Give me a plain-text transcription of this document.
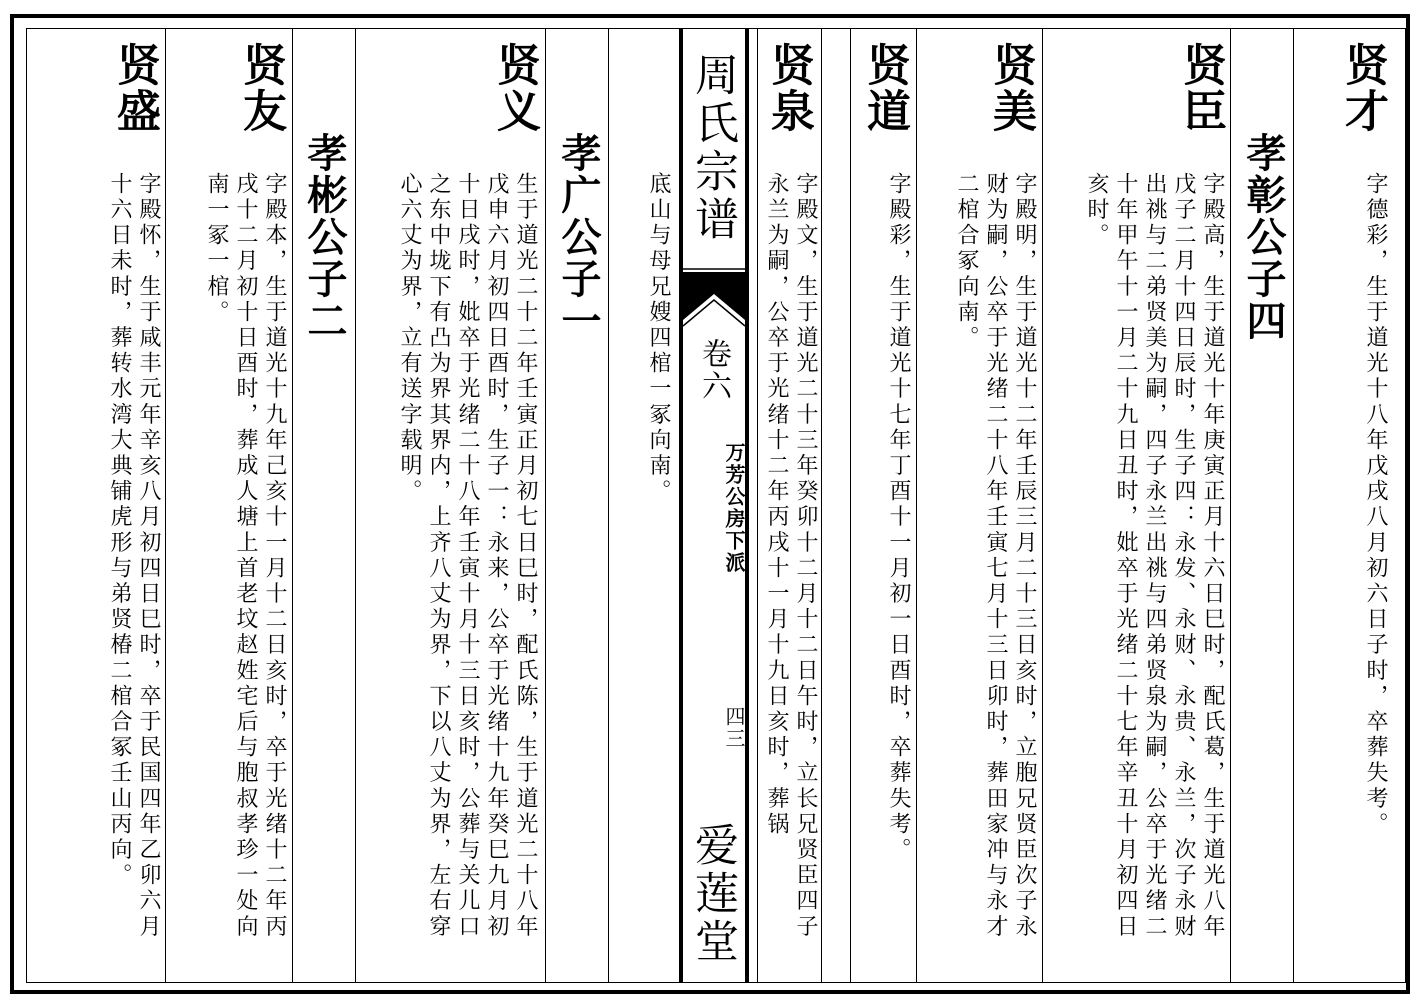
贤才
字德彩，生于道光十八年戊戌八月初六日子时，卒葬失考。
孝彰公子四
贤臣
字殿高，生于道光十年庚寅正月十六日巳时，配氏葛，生于道光八年戊子二月十四日辰时，生子四：永发、永财、永贵、永兰，次子永财出祧与二弟贤美为嗣，四子永兰出祧与四弟贤泉为嗣，公卒于光绪二十年甲午十一月二十九日丑时，妣卒于光绪二十七年辛丑十月初四日亥时。
贤美
字殿明，生于道光十二年壬辰三月二十三日亥时，立胞兄贤臣次子永财为嗣，公卒于光绪二十八年壬寅七月十三日卯时，葬田家冲与永才二棺合冢向南。
贤道
字殿彩，生于道光十七年丁酉十一月初一日酉时，卒葬失考。
贤泉
字殿文，生于道光二十三年癸卯十二月十二日午时，立长兄贤臣四子永兰为嗣，公卒于光绪十二年丙戌十一月十九日亥时，葬锅
周氏宗谱
卷六
万芳公房下派
四三
爱莲堂
底山与母兄嫂四棺一冢向南。
孝广公子一
贤义
生于道光二十二年壬寅正月初七日巳时，配氏陈，生于道光二十八年戊申六月初四日酉时，生子一：永来，公卒于光绪十九年癸巳九月初十日戌时，妣卒于光绪二十八年壬寅十月十三日亥时，公葬与关儿口之东中垅下有凸为界其界内，上齐八丈为界，下以八丈为界，左右穿心六丈为界，立有送字载明。
孝彬公子二
贤友
字殿本，生于道光十九年己亥十一月十二日亥时，卒于光绪十二年丙戌十二月初十日酉时，葬成人塘上首老坟赵姓宅后与胞叔孝珍一处向南一冢一棺。
贤盛
字殿怀，生于咸丰元年辛亥八月初四日巳时，卒于民国四年乙卯六月十六日未时，葬转水湾大典铺虎形与弟贤椿二棺合冢壬山丙向。
